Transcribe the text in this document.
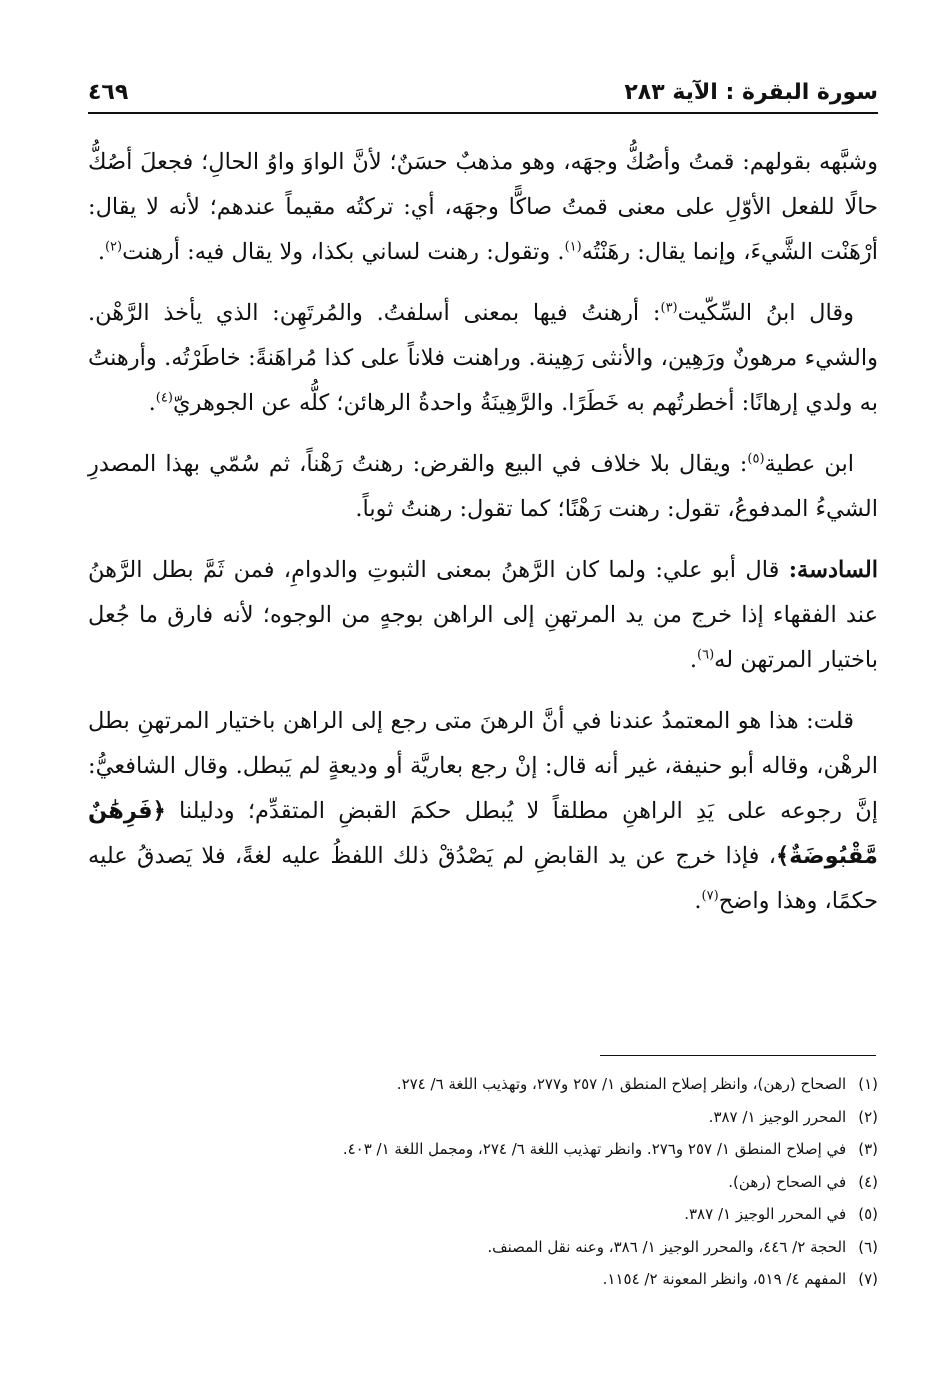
سورة البقرة : الآية ٢٨٣
٤٦٩

وشبَّهه بقولهم: قمتُ وأصُكُّ وجهَه، وهو مذهبٌ حسَنٌ؛ لأنَّ الواوَ واوُ الحالِ؛ فجعلَ أصُكُّ حالًا للفعل الأوّلِ على معنى قمتُ صاكًّا وجهَه، أي: تركتُه مقيماً عندهم؛ لأنه لا يقال: أرْهَنْت الشَّيءَ، وإنما يقال: رهَنْتُه$^{(١)}$. وتقول: رهنت لساني بكذا، ولا يقال فيه: أرهنت$^{(٢)}$.

وقال ابنُ السِّكّيت$^{(٣)}$: أرهنتُ فيها بمعنى أسلفتُ. والمُرتَهِن: الذي يأخذ الرَّهْن. والشيء مرهونٌ ورَهِين، والأنثى رَهِينة. وراهنت فلاناً على كذا مُراهَنةً: خاطَرْتُه. وأرهنتُ به ولدي إرهانًا: أخطرتُهم به خَطَرًا. والرَّهِينَةُ واحدةُ الرهائن؛ كلُّه عن الجوهريّ$^{(٤)}$.

ابن عطية$^{(٥)}$: ويقال بلا خلاف في البيع والقرض: رهنتُ رَهْناً، ثم سُمّي بهذا المصدرِ الشيءُ المدفوعُ، تقول: رهنت رَهْنًا؛ كما تقول: رهنتُ ثوباً.

السادسة: قال أبو علي: ولما كان الرَّهنُ بمعنى الثبوتِ والدوامِ، فمن ثَمَّ بطل الرَّهنُ عند الفقهاء إذا خرج من يد المرتهنِ إلى الراهن بوجهٍ من الوجوه؛ لأنه فارق ما جُعل باختيار المرتهن له$^{(٦)}$.

قلت: هذا هو المعتمدُ عندنا في أنَّ الرهنَ متى رجع إلى الراهن باختيار المرتهنِ بطل الرهْن، وقاله أبو حنيفة، غير أنه قال: إنْ رجع بعاريَّة أو وديعةٍ لم يَبطل. وقال الشافعيُّ: إنَّ رجوعه على يَدِ الراهنِ مطلقاً لا يُبطل حكمَ القبضِ المتقدِّم؛ ودليلنا ﴿فَرِهَٰنٌ مَّقْبُوضَةٌ﴾، فإذا خرج عن يد القابضِ لم يَصْدُقْ ذلك اللفظُ عليه لغةً، فلا يَصدقُ عليه حكمًا، وهذا واضح$^{(٧)}$.

(١)الصحاح (رهن)، وانظر إصلاح المنطق ١/ ٢٥٧ و٢٧٧، وتهذيب اللغة ٦/ ٢٧٤.
(٢)المحرر الوجيز ١/ ٣٨٧.
(٣)في إصلاح المنطق ١/ ٢٥٧ و٢٧٦. وانظر تهذيب اللغة ٦/ ٢٧٤، ومجمل اللغة ١/ ٤٠٣.
(٤)في الصحاح (رهن).
(٥)في المحرر الوجيز ١/ ٣٨٧.
(٦)الحجة ٢/ ٤٤٦، والمحرر الوجيز ١/ ٣٨٦، وعنه نقل المصنف.
(٧)المفهم ٤/ ٥١٩، وانظر المعونة ٢/ ١١٥٤.
